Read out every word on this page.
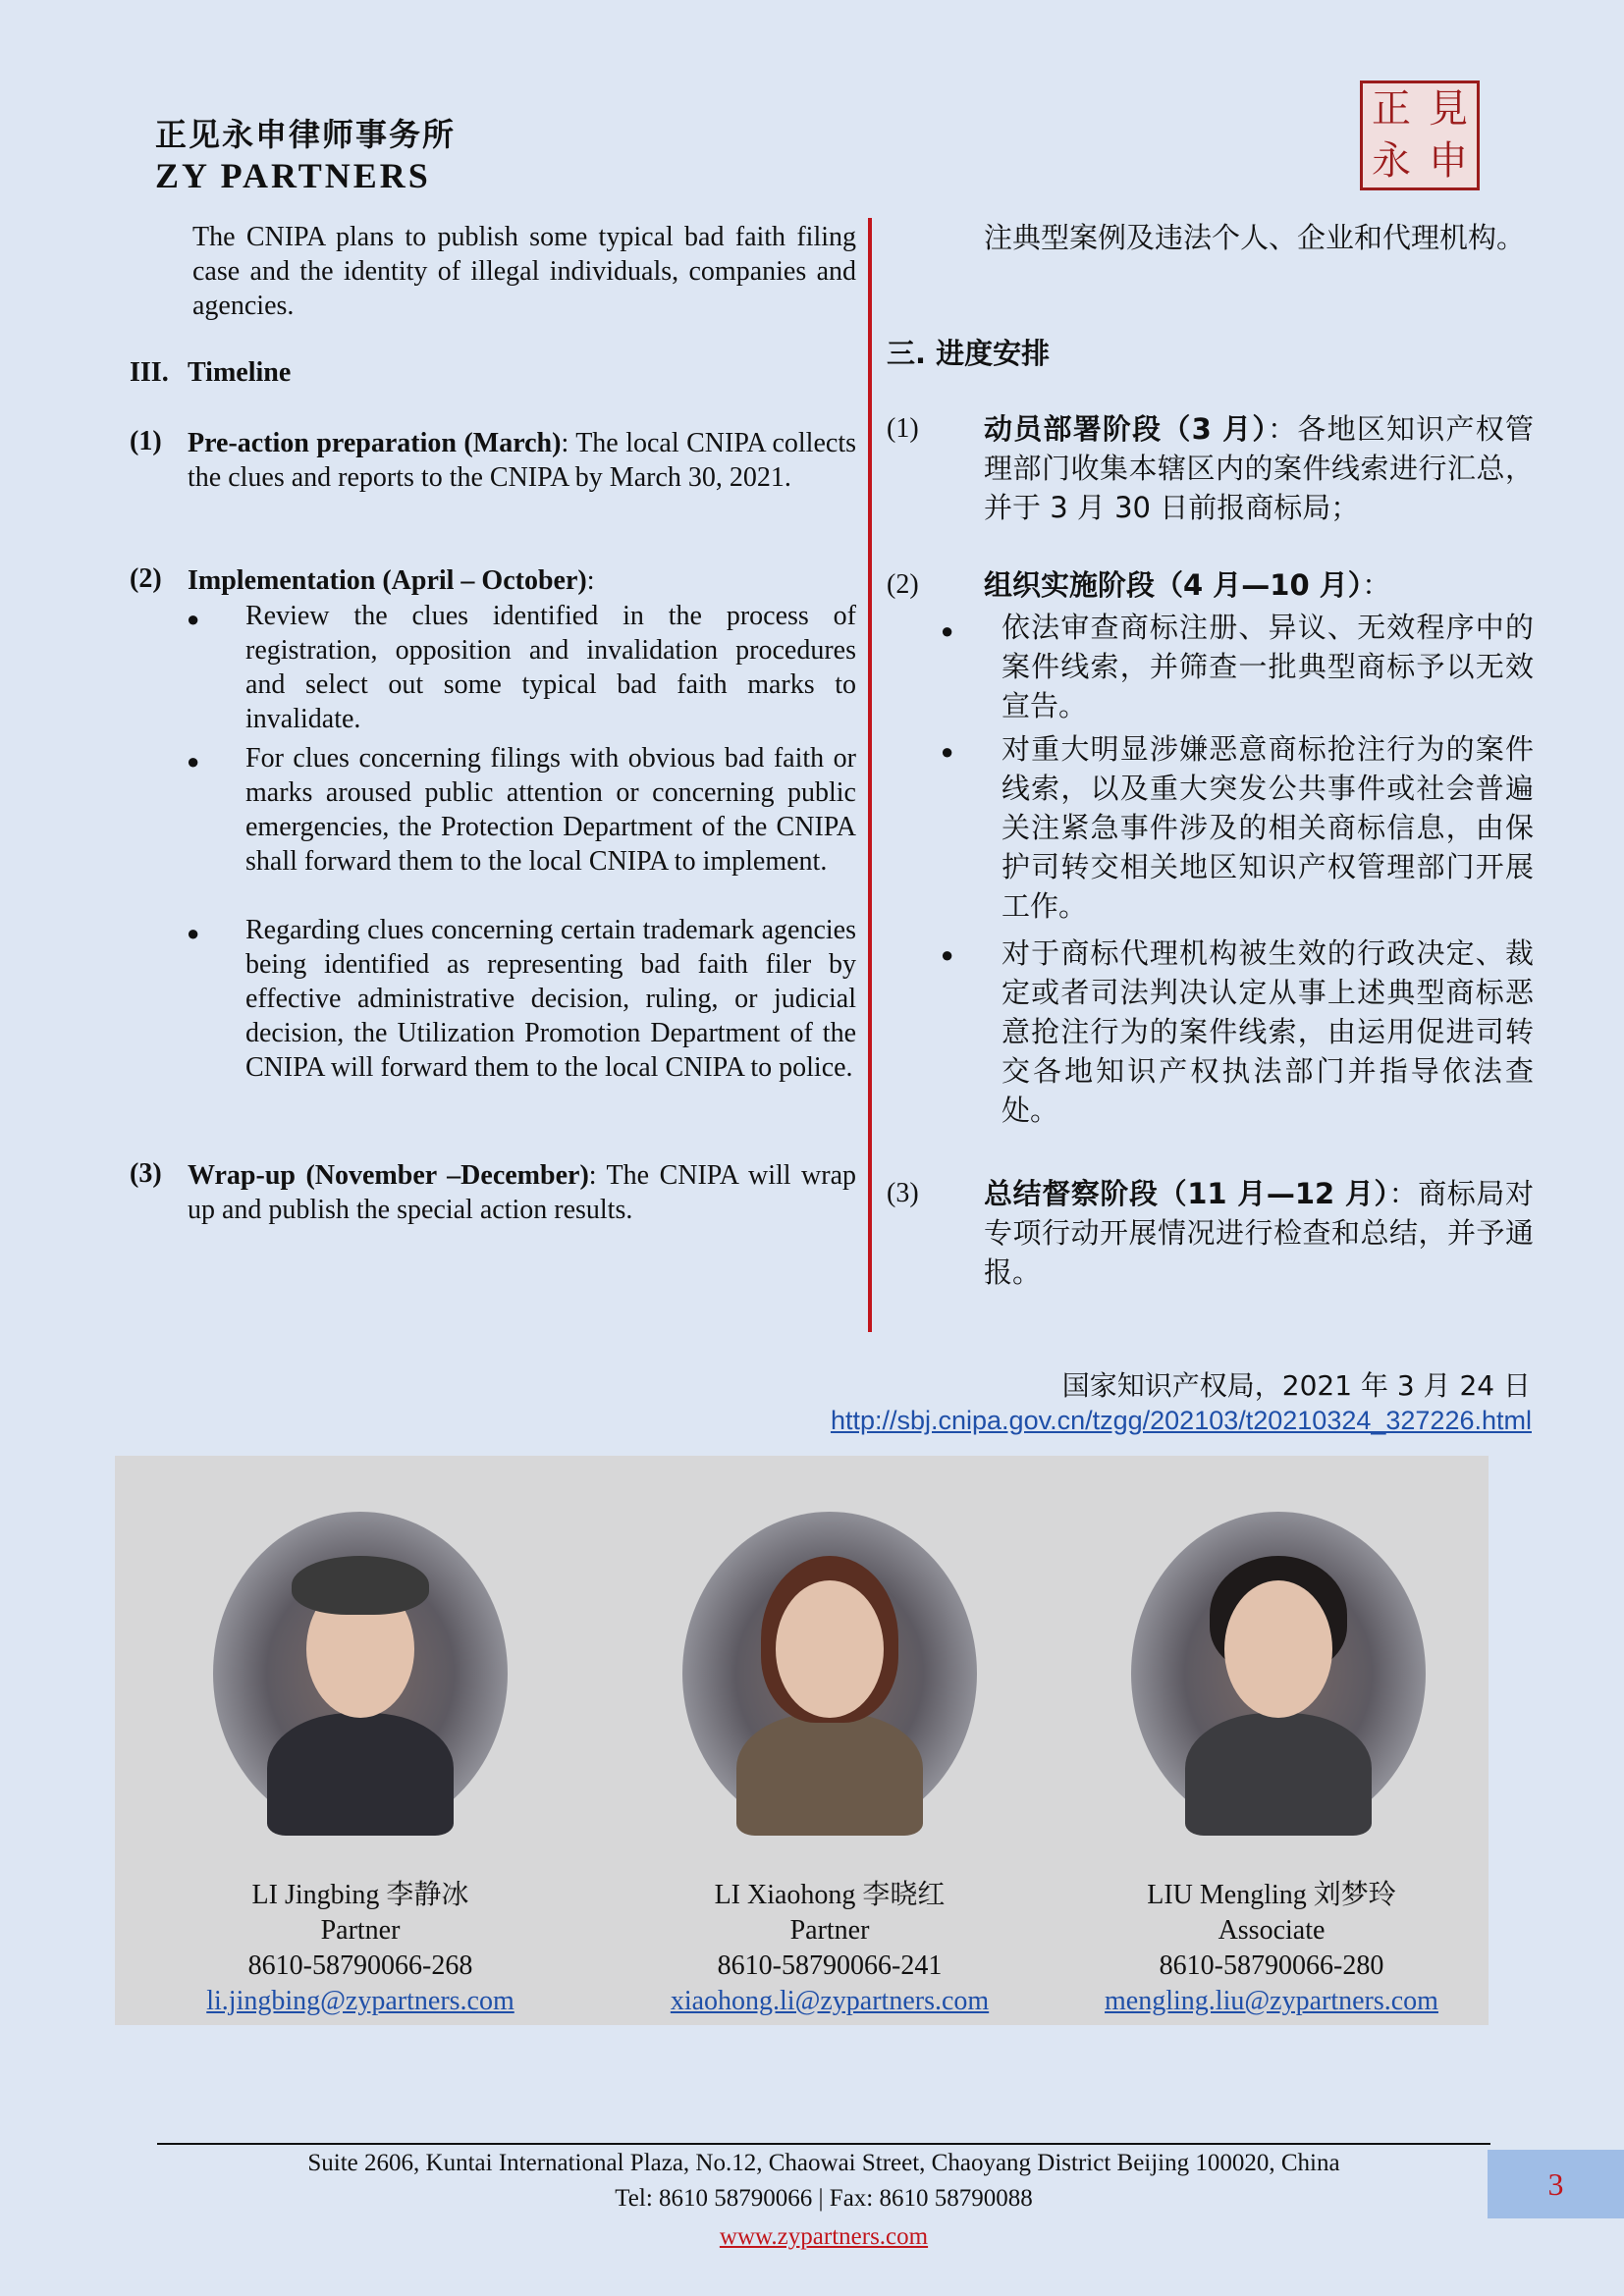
正见永申律师事务所
ZY PARTNERS
正 見
永 申
The CNIPA plans to publish some typical bad faith filing case and the identity of illegal individuals, companies and agencies.
III. Timeline
(1) Pre-action preparation (March): The local CNIPA collects the clues and reports to the CNIPA by March 30, 2021.
(2) Implementation (April – October):
● Review the clues identified in the process of registration, opposition and invalidation procedures and select out some typical bad faith marks to invalidate.
● For clues concerning filings with obvious bad faith or marks aroused public attention or concerning public emergencies, the Protection Department of the CNIPA shall forward them to the local CNIPA to implement.
● Regarding clues concerning certain trademark agencies being identified as representing bad faith filer by effective administrative decision, ruling, or judicial decision, the Utilization Promotion Department of the CNIPA will forward them to the local CNIPA to police.
(3) Wrap-up (November –December): The CNIPA will wrap up and publish the special action results.
注典型案例及违法个人、企业和代理机构。
三. 进度安排
(1) 动员部署阶段（3 月）：各地区知识产权管理部门收集本辖区内的案件线索进行汇总，并于 3 月 30 日前报商标局；
(2) 组织实施阶段（4 月—10 月）：
● 依法审查商标注册、异议、无效程序中的案件线索，并筛查一批典型商标予以无效宣告。
● 对重大明显涉嫌恶意商标抢注行为的案件线索，以及重大突发公共事件或社会普遍关注紧急事件涉及的相关商标信息，由保护司转交相关地区知识产权管理部门开展工作。
● 对于商标代理机构被生效的行政决定、裁定或者司法判决认定从事上述典型商标恶意抢注行为的案件线索，由运用促进司转交各地知识产权执法部门并指导依法查处。
(3) 总结督察阶段（11 月—12 月）：商标局对专项行动开展情况进行检查和总结，并予通报。
国家知识产权局，2021 年 3 月 24 日
http://sbj.cnipa.gov.cn/tzgg/202103/t20210324_327226.html
LI Jingbing 李静冰
Partner
8610-58790066-268
li.jingbing@zypartners.com
LI Xiaohong 李晓红
Partner
8610-58790066-241
xiaohong.li@zypartners.com
LIU Mengling 刘梦玲
Associate
8610-58790066-280
mengling.liu@zypartners.com
Suite 2606, Kuntai International Plaza, No.12, Chaowai Street, Chaoyang District Beijing 100020, China
Tel: 8610 58790066 | Fax: 8610 58790088
www.zypartners.com
3
